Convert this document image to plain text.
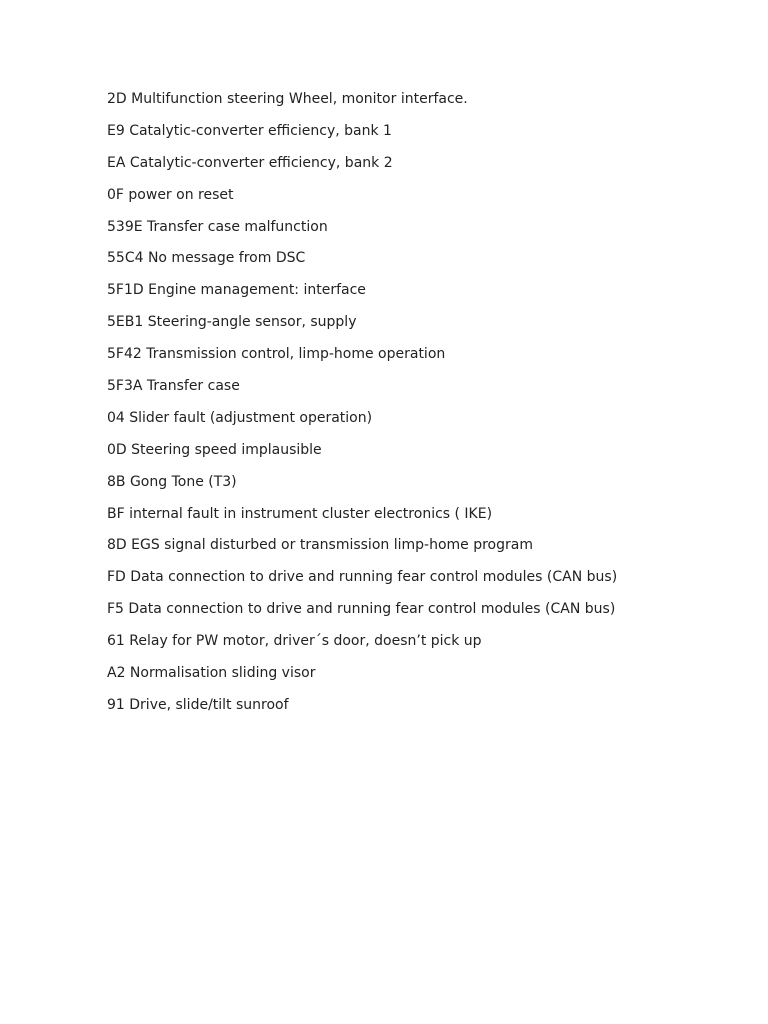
2D Multifunction steering Wheel, monitor interface.
E9 Catalytic-converter efficiency, bank 1
EA Catalytic-converter efficiency, bank 2
0F power on reset
539E Transfer case malfunction
55C4 No message from DSC
5F1D Engine management: interface
5EB1 Steering-angle sensor, supply
5F42 Transmission control, limp-home operation
5F3A Transfer case
04 Slider fault (adjustment operation)
0D Steering speed implausible
8B Gong Tone (T3)
BF internal fault in instrument cluster electronics ( IKE)
8D EGS signal disturbed or transmission limp-home program
FD Data connection to drive and running fear control modules (CAN bus)
F5 Data connection to drive and running fear control modules (CAN bus)
61 Relay for PW motor, driver´s door, doesn’t pick up
A2 Normalisation sliding visor
91 Drive, slide/tilt sunroof
